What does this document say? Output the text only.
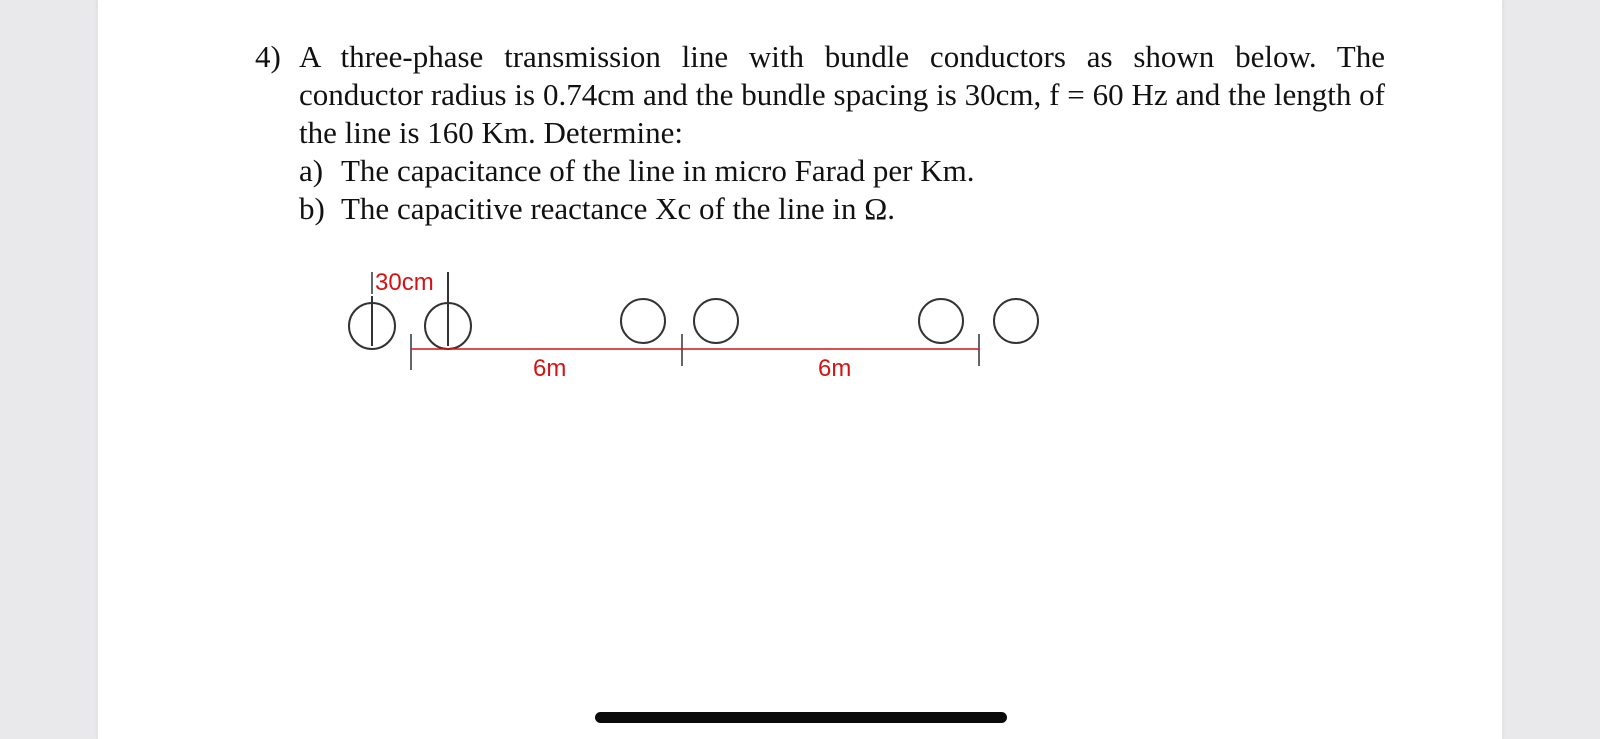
4) A three-phase transmission line with bundle conductors as shown below. The conductor radius is 0.74cm and the bundle spacing is 30cm, f = 60 Hz and the length of the line is 160 Km. Determine:

a) The capacitance of the line in micro Farad per Km.
b) The capacitive reactance Xc of the line in Ω.
30cm
6m	6m
